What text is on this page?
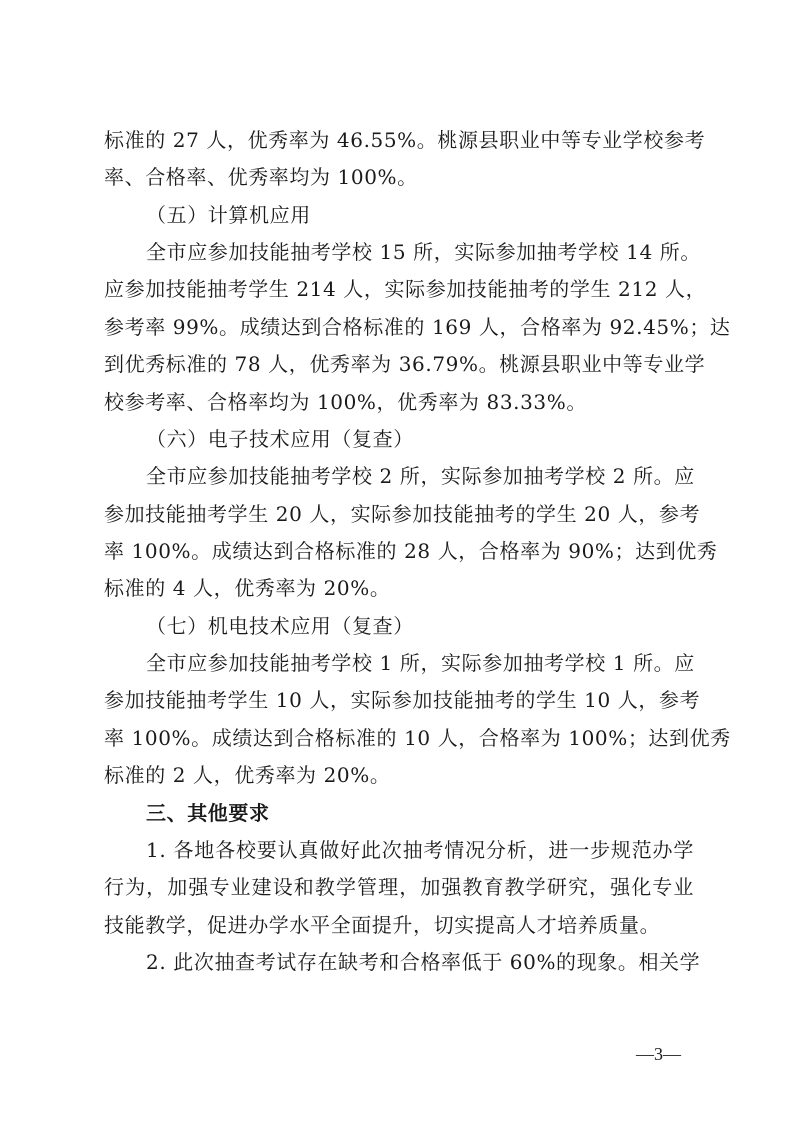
标准的 27 人，优秀率为 46.55%。桃源县职业中等专业学校参考
率、合格率、优秀率均为 100%。
（五）计算机应用
全市应参加技能抽考学校 15 所，实际参加抽考学校 14 所。
应参加技能抽考学生 214 人，实际参加技能抽考的学生 212 人，
参考率 99%。成绩达到合格标准的 169 人，合格率为 92.45%；达
到优秀标准的 78 人，优秀率为 36.79%。桃源县职业中等专业学
校参考率、合格率均为 100%，优秀率为 83.33%。
（六）电子技术应用（复查）
全市应参加技能抽考学校 2 所，实际参加抽考学校 2 所。应
参加技能抽考学生 20 人，实际参加技能抽考的学生 20 人，参考
率 100%。成绩达到合格标准的 28 人，合格率为 90%；达到优秀
标准的 4 人，优秀率为 20%。
（七）机电技术应用（复查）
全市应参加技能抽考学校 1 所，实际参加抽考学校 1 所。应
参加技能抽考学生 10 人，实际参加技能抽考的学生 10 人，参考
率 100%。成绩达到合格标准的 10 人，合格率为 100%；达到优秀
标准的 2 人，优秀率为 20%。
三、其他要求
1. 各地各校要认真做好此次抽考情况分析，进一步规范办学
行为，加强专业建设和教学管理，加强教育教学研究，强化专业
技能教学，促进办学水平全面提升，切实提高人才培养质量。
2. 此次抽查考试存在缺考和合格率低于 60%的现象。相关学
—3—
